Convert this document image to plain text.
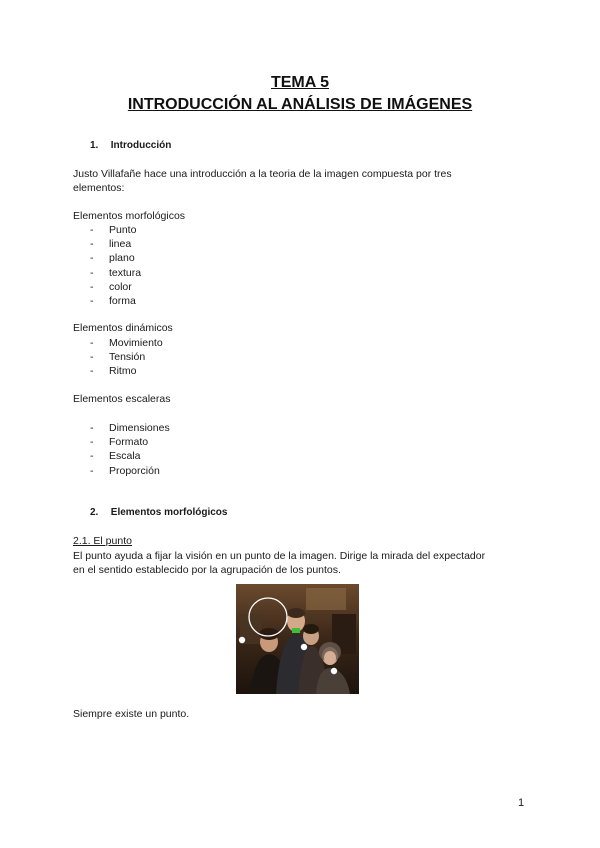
TEMA 5
INTRODUCCIÓN AL ANÁLISIS DE IMÁGENES
1. Introducción
Justo Villafañe hace una introducción a la teoria de la imagen compuesta por tres
elementos:
Elementos morfológicos
- Punto
- linea
- plano
- textura
- color
- forma
Elementos dinámicos
- Movimiento
- Tensión
- Ritmo
Elementos escaleras
- Dimensiones
- Formato
- Escala
- Proporción
2. Elementos morfológicos
2.1. El punto
El punto ayuda a fijar la visión en un punto de la imagen. Dirige la mirada del expectador
en el sentido establecido por la agrupación de los puntos.
Siempre existe un punto.
1
